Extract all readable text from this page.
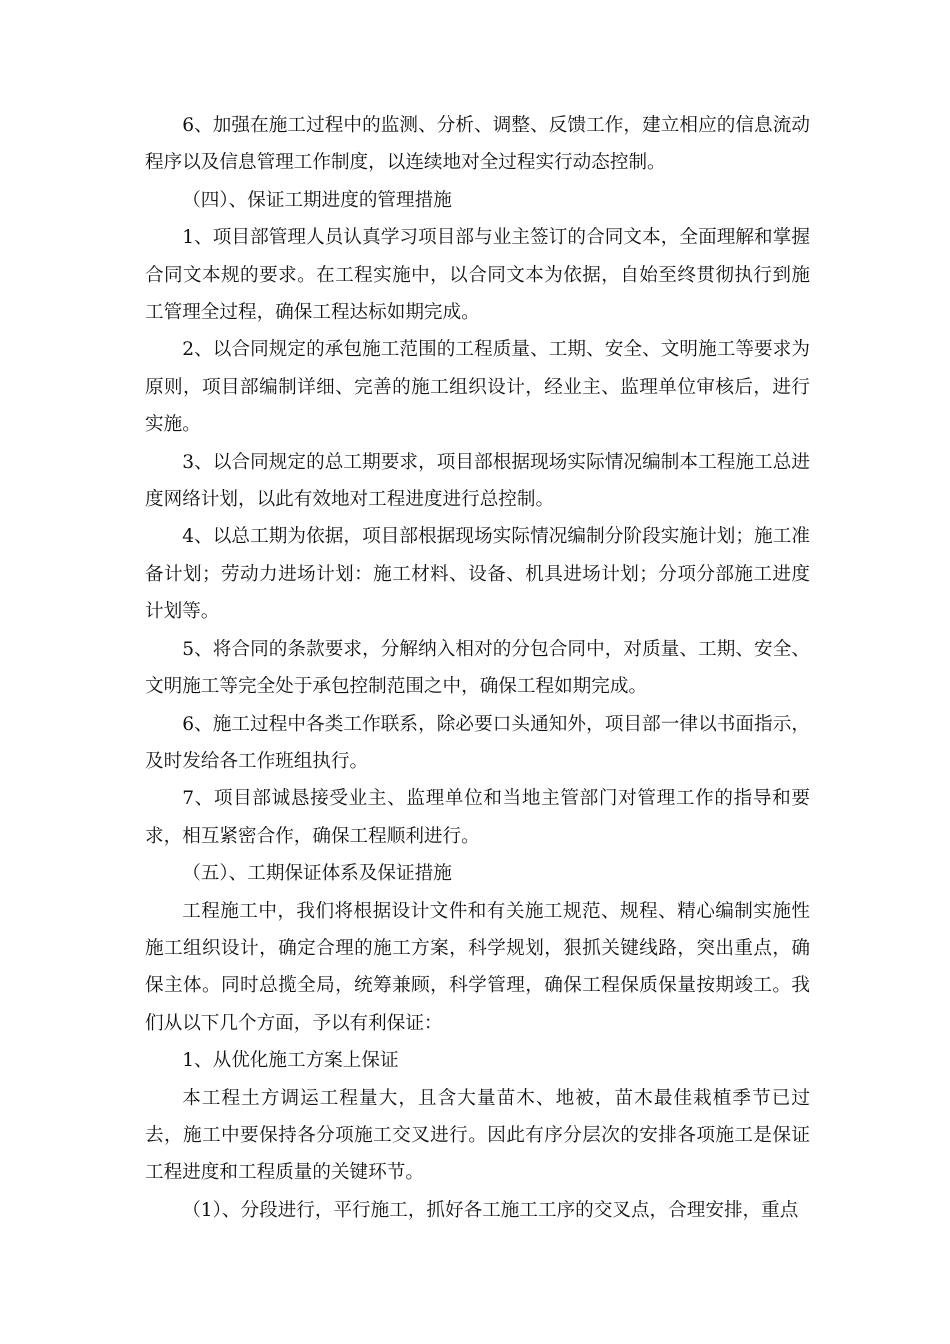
6、加强在施工过程中的监测、分析、调整、反馈工作，建立相应的信息流动程序以及信息管理工作制度，以连续地对全过程实行动态控制。

（四）、保证工期进度的管理措施

1、项目部管理人员认真学习项目部与业主签订的合同文本，全面理解和掌握合同文本规的要求。在工程实施中，以合同文本为依据，自始至终贯彻执行到施工管理全过程，确保工程达标如期完成。

2、以合同规定的承包施工范围的工程质量、工期、安全、文明施工等要求为原则，项目部编制详细、完善的施工组织设计，经业主、监理单位审核后，进行实施。

3、以合同规定的总工期要求，项目部根据现场实际情况编制本工程施工总进度网络计划，以此有效地对工程进度进行总控制。

4、以总工期为依据，项目部根据现场实际情况编制分阶段实施计划；施工准备计划；劳动力进场计划：施工材料、设备、机具进场计划；分项分部施工进度计划等。

5、将合同的条款要求，分解纳入相对的分包合同中，对质量、工期、安全、文明施工等完全处于承包控制范围之中，确保工程如期完成。

6、施工过程中各类工作联系，除必要口头通知外，项目部一律以书面指示，及时发给各工作班组执行。

7、项目部诚恳接受业主、监理单位和当地主管部门对管理工作的指导和要求，相互紧密合作，确保工程顺利进行。

（五）、工期保证体系及保证措施

工程施工中，我们将根据设计文件和有关施工规范、规程、精心编制实施性施工组织设计，确定合理的施工方案，科学规划，狠抓关键线路，突出重点，确保主体。同时总揽全局，统筹兼顾，科学管理，确保工程保质保量按期竣工。我们从以下几个方面，予以有利保证：

1、从优化施工方案上保证

本工程土方调运工程量大，且含大量苗木、地被，苗木最佳栽植季节已过去，施工中要保持各分项施工交叉进行。因此有序分层次的安排各项施工是保证工程进度和工程质量的关键环节。

（1）、分段进行，平行施工，抓好各工施工工序的交叉点，合理安排，重点
